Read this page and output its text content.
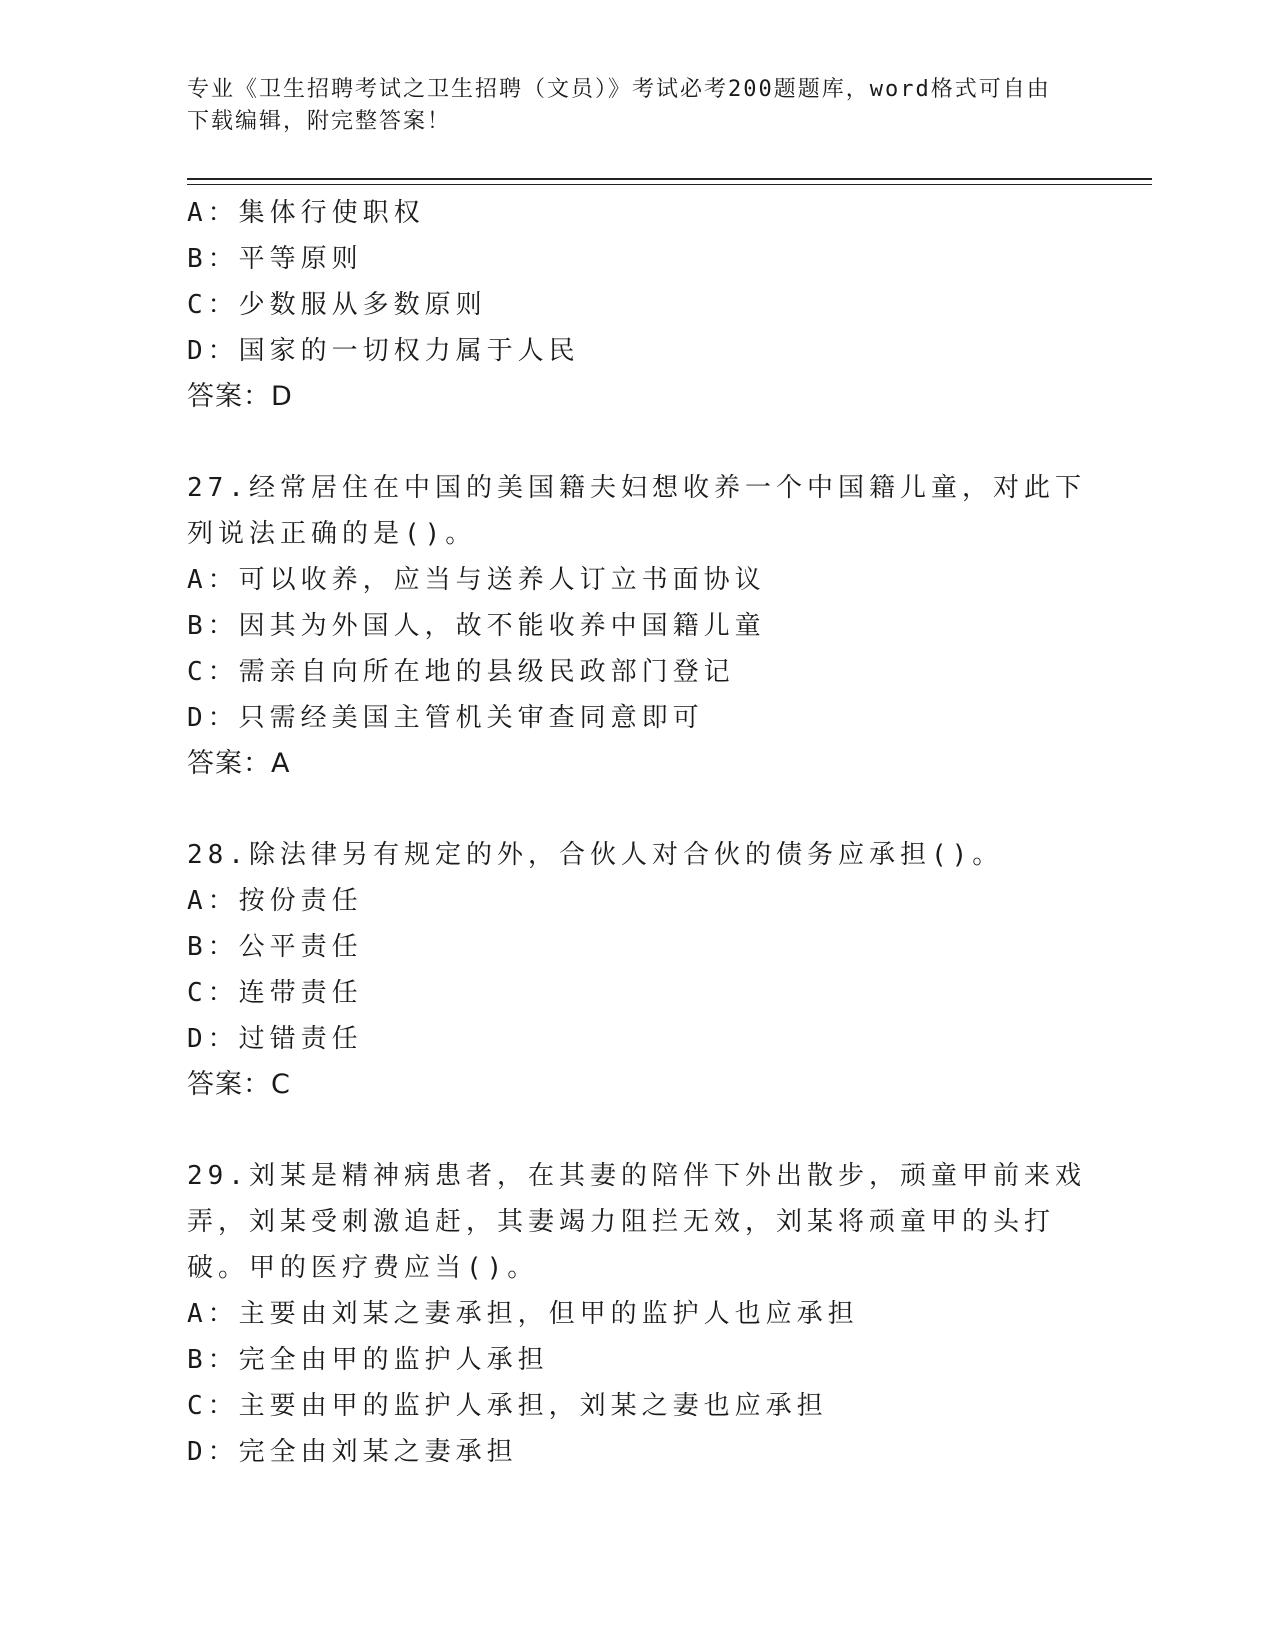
专业《卫生招聘考试之卫生招聘（文员）》考试必考200题题库，word格式可自由下载编辑，附完整答案！
A：集体行使职权
B：平等原则
C：少数服从多数原则
D：国家的一切权力属于人民
答案：D
27.经常居住在中国的美国籍夫妇想收养一个中国籍儿童，对此下列说法正确的是()。
A：可以收养，应当与送养人订立书面协议
B：因其为外国人，故不能收养中国籍儿童
C：需亲自向所在地的县级民政部门登记
D：只需经美国主管机关审查同意即可
答案：A
28.除法律另有规定的外，合伙人对合伙的债务应承担()。
A：按份责任
B：公平责任
C：连带责任
D：过错责任
答案：C
29.刘某是精神病患者，在其妻的陪伴下外出散步，顽童甲前来戏弄，刘某受刺激追赶，其妻竭力阻拦无效，刘某将顽童甲的头打破。甲的医疗费应当()。
A：主要由刘某之妻承担，但甲的监护人也应承担
B：完全由甲的监护人承担
C：主要由甲的监护人承担，刘某之妻也应承担
D：完全由刘某之妻承担
